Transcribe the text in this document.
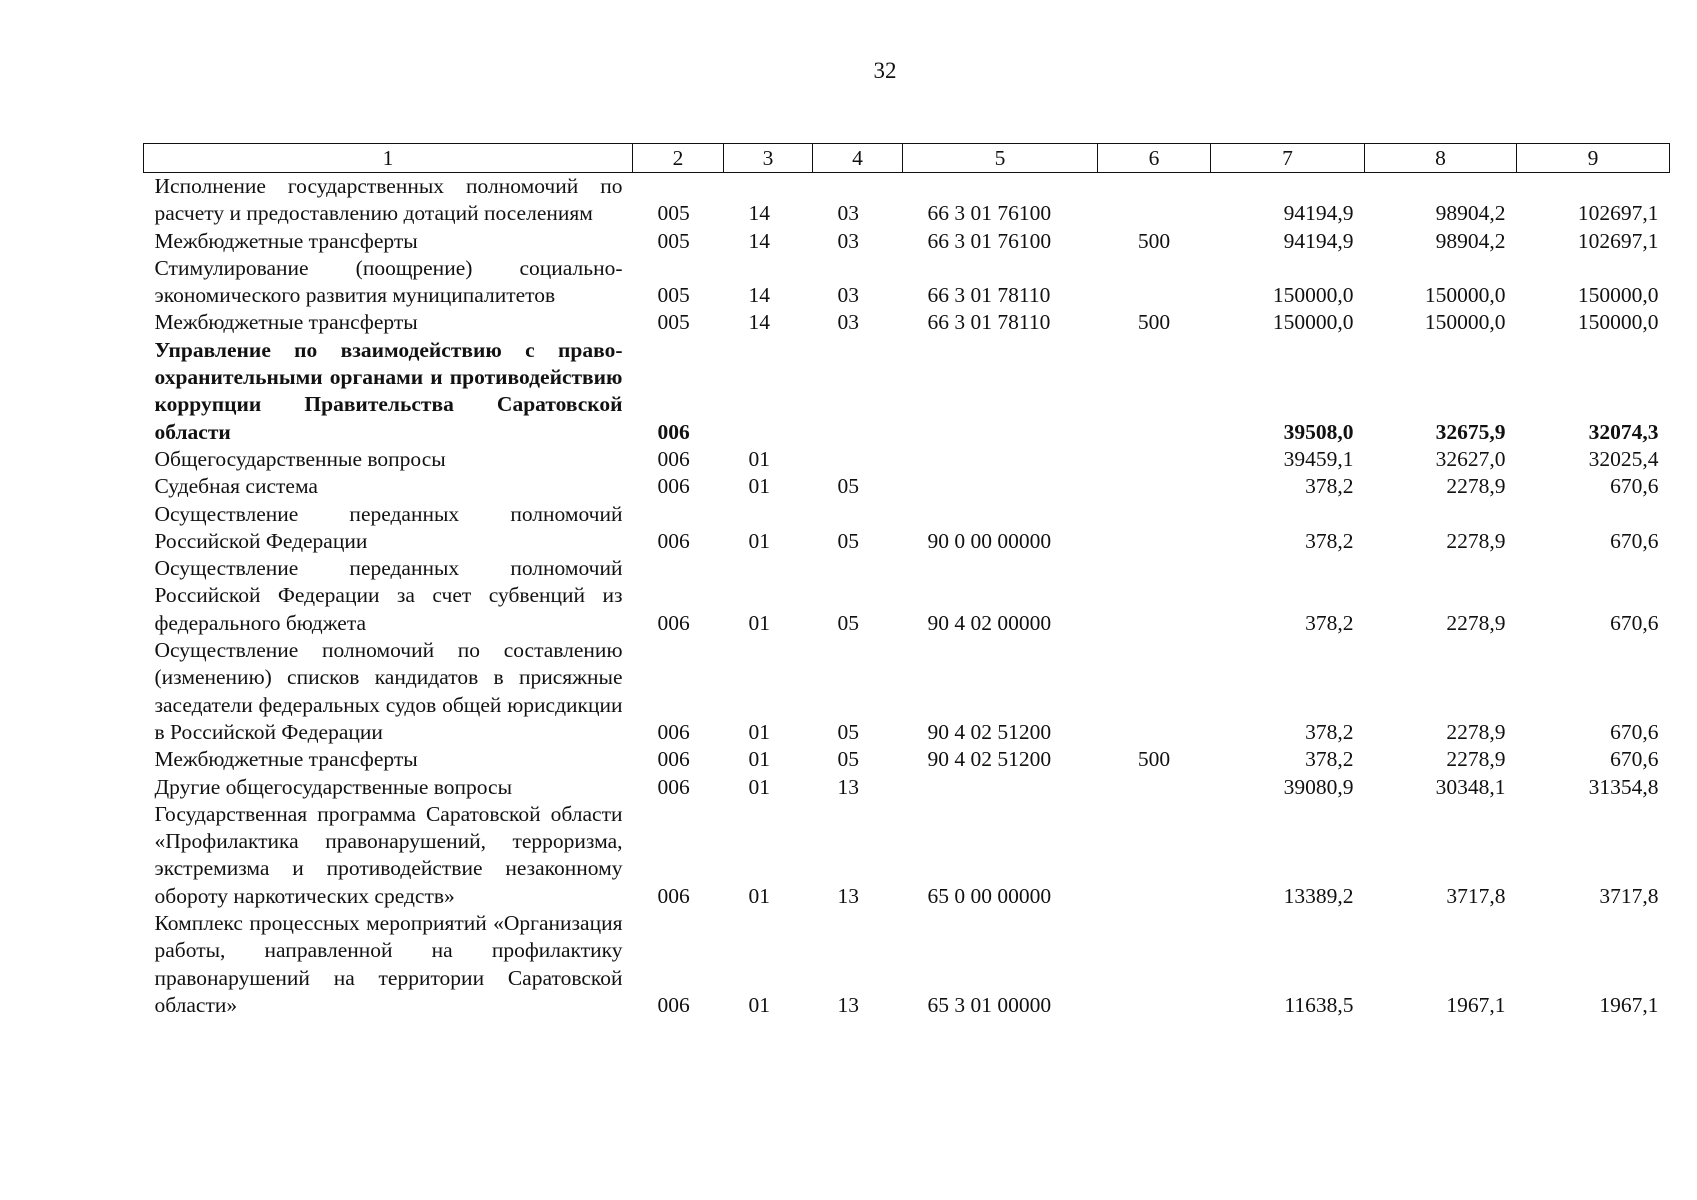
32
1	2	3	4	5	6	7	8	9
Исполнение государственных полномочий по расчету и предоставлению дотаций поселениям	005	14	03	66 3 01 76100		94194,9	98904,2	102697,1
Межбюджетные трансферты	005	14	03	66 3 01 76100	500	94194,9	98904,2	102697,1
Стимулирование (поощрение) социально-экономического развития муниципалитетов	005	14	03	66 3 01 78110		150000,0	150000,0	150000,0
Межбюджетные трансферты	005	14	03	66 3 01 78110	500	150000,0	150000,0	150000,0
Управление по взаимодействию с правоохранительными органами и противодействию коррупции Правительства Саратовской области	006					39508,0	32675,9	32074,3
Общегосударственные вопросы	006	01				39459,1	32627,0	32025,4
Судебная система	006	01	05			378,2	2278,9	670,6
Осуществление переданных полномочий Российской Федерации	006	01	05	90 0 00 00000		378,2	2278,9	670,6
Осуществление переданных полномочий Российской Федерации за счет субвенций из федерального бюджета	006	01	05	90 4 02 00000		378,2	2278,9	670,6
Осуществление полномочий по составлению (изменению) списков кандидатов в присяжные заседатели федеральных судов общей юрисдикции в Российской Федерации	006	01	05	90 4 02 51200		378,2	2278,9	670,6
Межбюджетные трансферты	006	01	05	90 4 02 51200	500	378,2	2278,9	670,6
Другие общегосударственные вопросы	006	01	13			39080,9	30348,1	31354,8
Государственная программа Саратовской области «Профилактика правонарушений, терроризма, экстремизма и противодействие незаконному обороту наркотических средств»	006	01	13	65 0 00 00000		13389,2	3717,8	3717,8
Комплекс процессных мероприятий «Организация работы, направленной на профилактику правонарушений на территории Саратовской области»	006	01	13	65 3 01 00000		11638,5	1967,1	1967,1
